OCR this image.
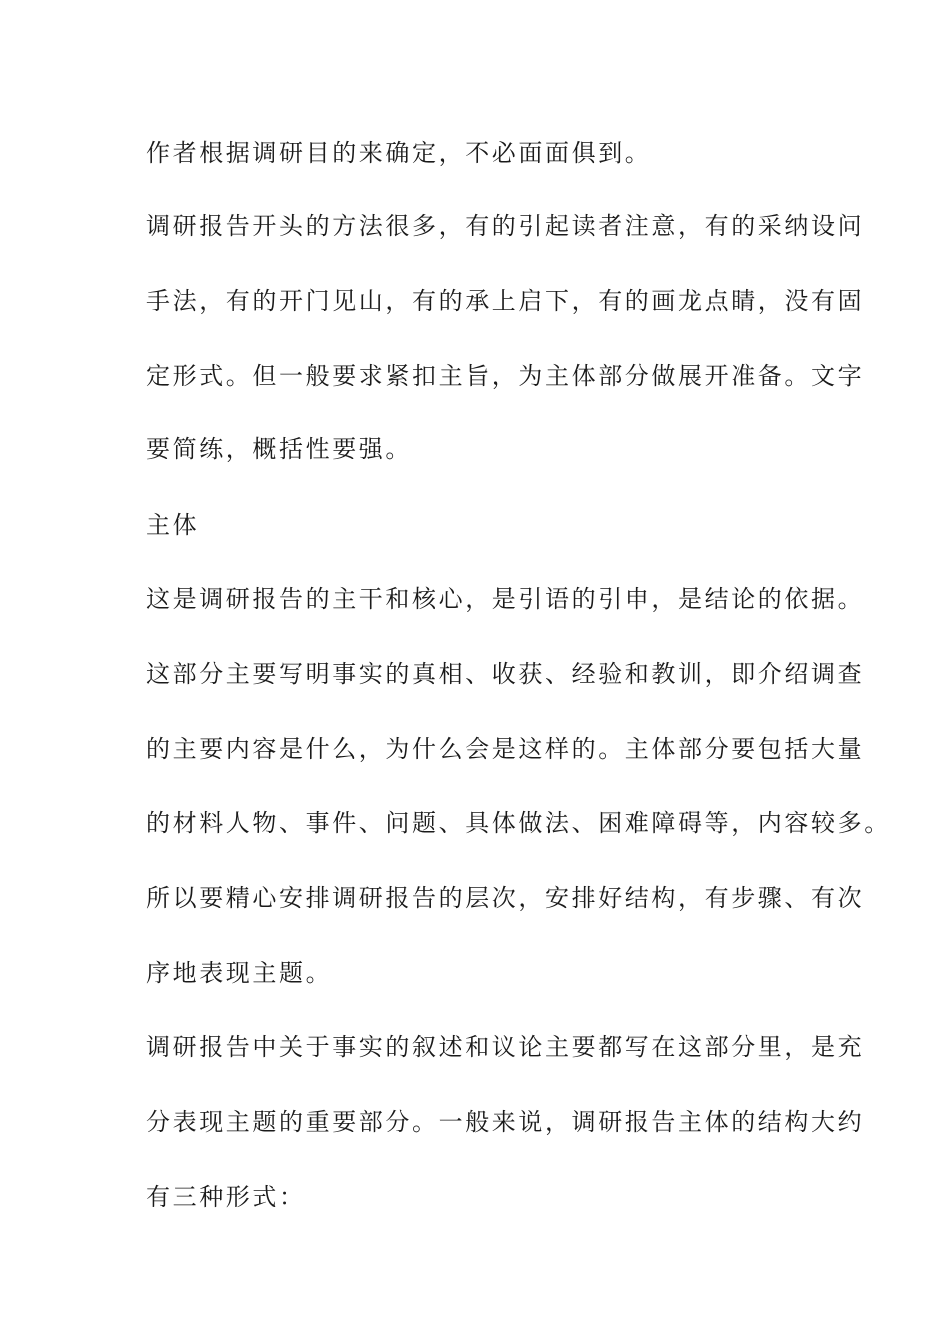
作者根据调研目的来确定，不必面面俱到。
调研报告开头的方法很多，有的引起读者注意，有的采纳设问
手法，有的开门见山，有的承上启下，有的画龙点睛，没有固
定形式。但一般要求紧扣主旨，为主体部分做展开准备。文字
要简练，概括性要强。
主体
这是调研报告的主干和核心，是引语的引申，是结论的依据。
这部分主要写明事实的真相、收获、经验和教训，即介绍调查
的主要内容是什么，为什么会是这样的。主体部分要包括大量
的材料人物、事件、问题、具体做法、困难障碍等，内容较多。
所以要精心安排调研报告的层次，安排好结构，有步骤、有次
序地表现主题。
调研报告中关于事实的叙述和议论主要都写在这部分里，是充
分表现主题的重要部分。一般来说，调研报告主体的结构大约
有三种形式：
